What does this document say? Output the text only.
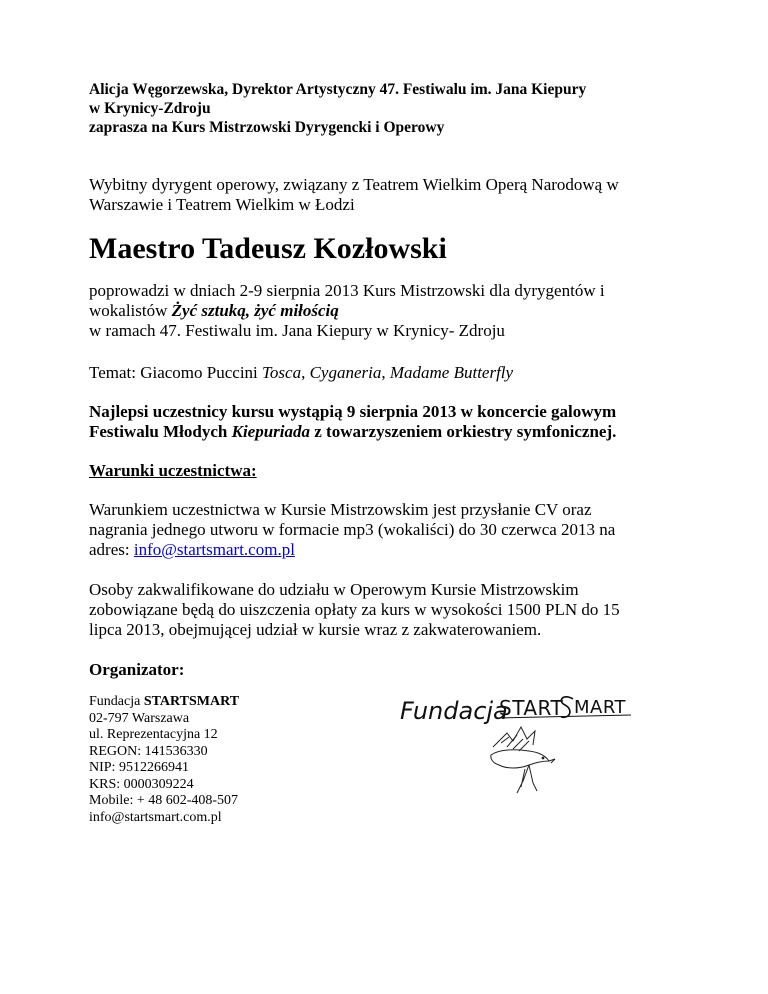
Alicja Węgorzewska, Dyrektor Artystyczny 47. Festiwalu im. Jana Kiepury
w Krynicy-Zdroju
zaprasza na Kurs Mistrzowski Dyrygencki i Operowy
Wybitny dyrygent operowy, związany z Teatrem Wielkim Operą Narodową w
Warszawie i Teatrem Wielkim w Łodzi
Maestro Tadeusz Kozłowski
poprowadzi w dniach 2-9 sierpnia 2013 Kurs Mistrzowski dla dyrygentów i
wokalistów Żyć sztuką, żyć miłością
w ramach 47. Festiwalu im. Jana Kiepury w Krynicy- Zdroju
Temat: Giacomo Puccini Tosca, Cyganeria, Madame Butterfly
Najlepsi uczestnicy kursu wystąpią 9 sierpnia 2013 w koncercie galowym
Festiwalu Młodych Kiepuriada z towarzyszeniem orkiestry symfonicznej.
Warunki uczestnictwa:
Warunkiem uczestnictwa w Kursie Mistrzowskim jest przysłanie CV oraz
nagrania jednego utworu w formacie mp3 (wokaliści) do 30 czerwca 2013 na
adres: info@startsmart.com.pl
Osoby zakwalifikowane do udziału w Operowym Kursie Mistrzowskim
zobowiązane będą do uiszczenia opłaty za kurs w wysokości 1500 PLN do 15
lipca 2013, obejmującej udział w kursie wraz z zakwaterowaniem.
Organizator:
Fundacja STARTSMART
02-797 Warszawa
ul. Reprezentacyjna 12
REGON: 141536330
NIP: 9512266941
KRS: 0000309224
Mobile: + 48 602-408-507
info@startsmart.com.pl
Fundacja
START MART
